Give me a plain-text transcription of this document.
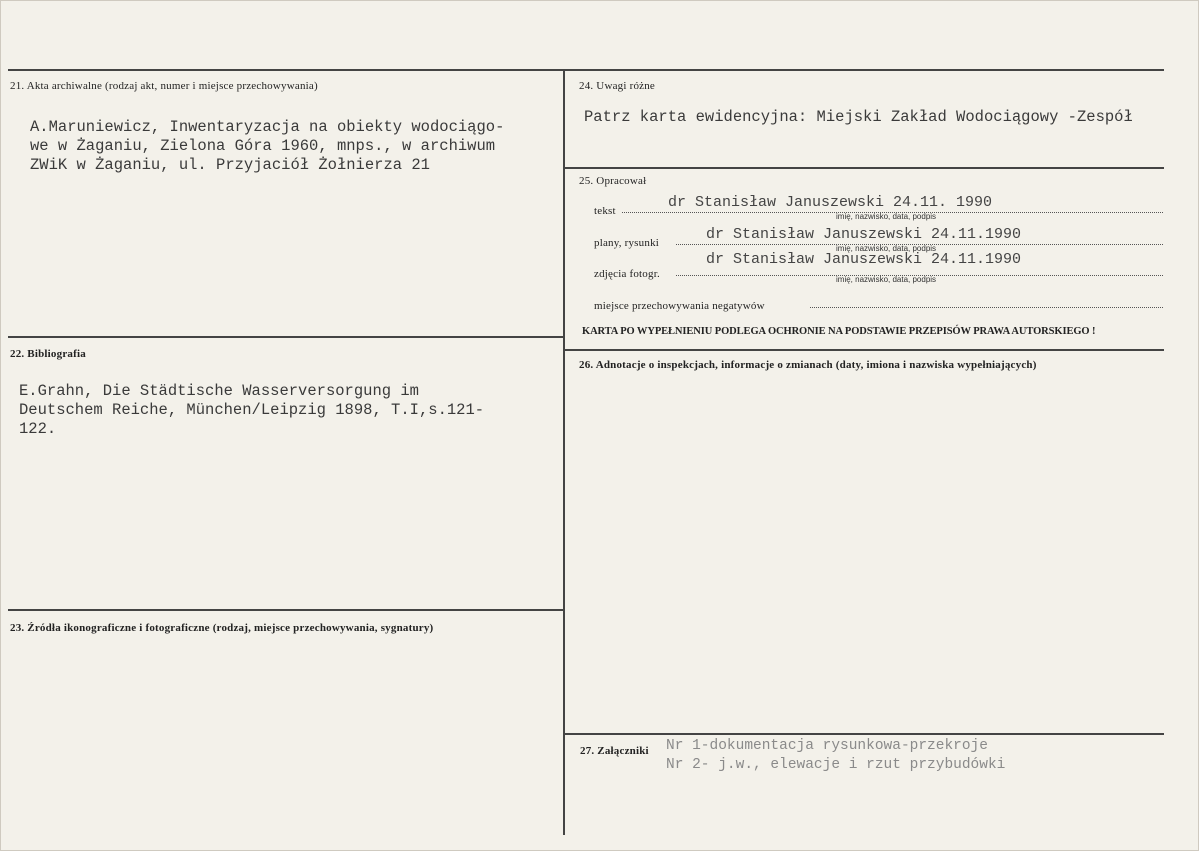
21. Akta archiwalne (rodzaj akt, numer i miejsce przechowywania)
A.Maruniewicz, Inwentaryzacja na obiekty wodociągo-
we w Żaganiu, Zielona Góra 1960, mnps., w archiwum
ZWiK w Żaganiu, ul. Przyjaciół Żołnierza 21
22. Bibliografia
E.Grahn, Die Städtische Wasserversorgung im
Deutschem Reiche, München/Leipzig 1898, T.I,s.121-
122.
23. Źródła ikonograficzne i fotograficzne (rodzaj, miejsce przechowywania, sygnatury)
24. Uwagi różne
Patrz karta ewidencyjna: Miejski Zakład Wodociągowy -Zespół
25. Opracował
tekst	dr Stanisław Januszewski 24.11. 1990
imię, nazwisko, data, podpis
plany, rysunki	dr Stanisław Januszewski 24.11.1990
imię, nazwisko, data, podpis
zdjęcia fotogr.
dr Stanisław Januszewski 24.11.1990
imię, nazwisko, data, podpis
miejsce przechowywania negatywów
KARTA PO WYPEŁNIENIU PODLEGA OCHRONIE NA PODSTAWIE PRZEPISÓW PRAWA AUTORSKIEGO !
26. Adnotacje o inspekcjach, informacje o zmianach (daty, imiona i nazwiska wypełniających)
27. Załączniki Nr 1-dokumentacja rysunkowa-przekroje
Nr 2- j.w., elewacje i rzut przybudówki
